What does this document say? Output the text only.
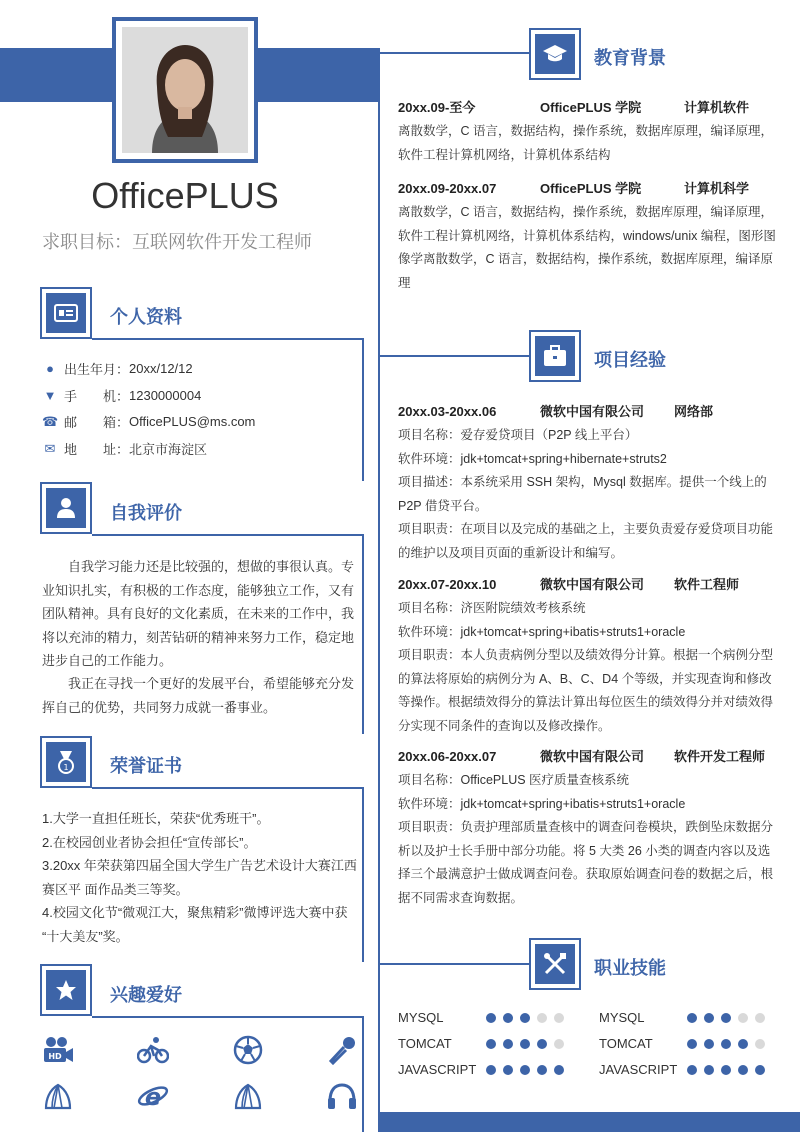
OfficePLUS
求职目标：互联网软件开发工程师
个人资料
● 出生年月： 20xx/12/12
▼ 手　　机： 1230000004
☎ 邮　　箱： OfficePLUS@ms.com
✉ 地　　址： 北京市海淀区
自我评价
自我学习能力还是比较强的，想做的事很认真。专业知识扎实，有积极的工作态度，能够独立工作，又有团队精神。具有良好的文化素质，在未来的工作中，我将以充沛的精力，刻苦钻研的精神来努力工作，稳定地进步自己的工作能力。
我正在寻找一个更好的发展平台，希望能够充分发挥自己的优势，共同努力成就一番事业。
1 荣誉证书
1.大学一直担任班长，荣获“优秀班干”。
2.在校园创业者协会担任“宣传部长”。
3.20xx 年荣获第四届全国大学生广告艺术设计大赛江西赛区平 面作品类三等奖。
4.校园文化节“微观江大，聚焦精彩”微博评选大赛中获 “十大美友”奖。
兴趣爱好
HD
e
教育背景
20xx.09-至今	OfficePLUS 学院	计算机软件
离散数学，C 语言，数据结构，操作系统，数据库原理，编译原理，软件工程计算机网络，计算机体系结构
20xx.09-20xx.07	OfficePLUS 学院	计算机科学
离散数学，C 语言，数据结构，操作系统，数据库原理，编译原理，软件工程计算机网络，计算机体系结构，windows/unix 编程，图形图像学离散数学，C 语言，数据结构，操作系统，数据库原理，编译原理
项目经验
20xx.03-20xx.06	微软中国有限公司	网络部
项目名称：爱存爱贷项目（P2P 线上平台）
软件环境：jdk+tomcat+spring+hibernate+struts2
项目描述：本系统采用 SSH 架构，Mysql 数据库。提供一个线上的 P2P 借贷平台。
项目职责：在项目以及完成的基础之上，主要负责爱存爱贷项目功能的维护以及项目页面的重新设计和编写。
20xx.07-20xx.10	微软中国有限公司	软件工程师
项目名称：济医附院绩效考核系统
软件环境：jdk+tomcat+spring+ibatis+struts1+oracle
项目职责：本人负责病例分型以及绩效得分计算。根据一个病例分型的算法将原始的病例分为 A、B、C、D4 个等级，并实现查询和修改等操作。根据绩效得分的算法计算出每位医生的绩效得分并对绩效得分实现不同条件的查询以及修改操作。
20xx.06-20xx.07	微软中国有限公司	软件开发工程师
项目名称：OfficePLUS 医疗质量查核系统
软件环境：jdk+tomcat+spring+ibatis+struts1+oracle
项目职责：负责护理部质量查核中的调查问卷模块，跌倒坠床数据分析以及护士长手册中部分功能。将 5 大类 26 小类的调查内容以及选择三个最满意护士做成调查问卷。获取原始调查问卷的数据之后，根据不同需求查询数据。
职业技能
MYSQL	MYSQL
TOMCAT	TOMCAT
JAVASCRIPT	JAVASCRIPT
